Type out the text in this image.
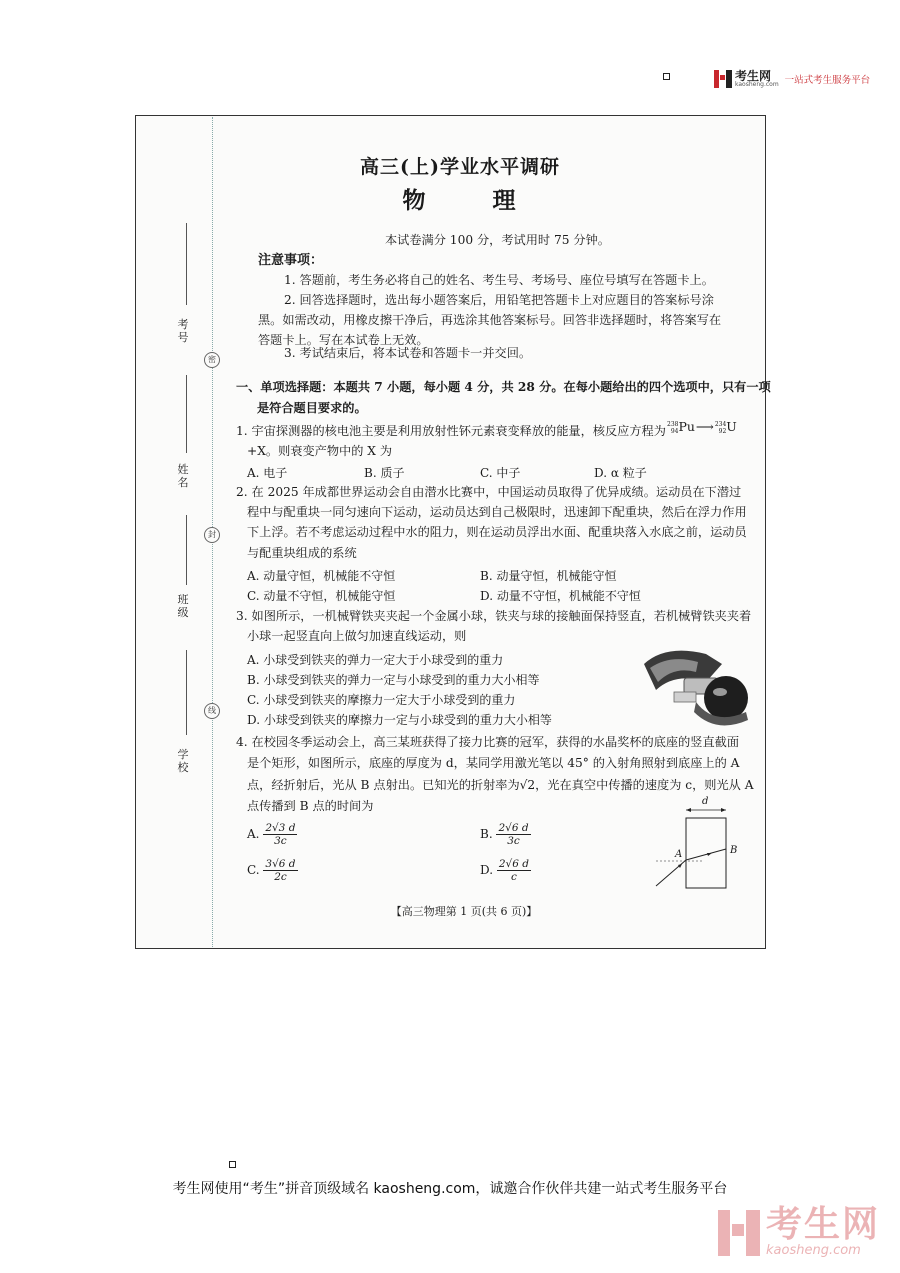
考生网
kaosheng.com 一站式考生服务平台
密
封
线
考号
姓名
班级
学校
高三(上)学业水平调研
物　理
本试卷满分 100 分，考试用时 75 分钟。
注意事项：
1. 答题前，考生务必将自己的姓名、考生号、考场号、座位号填写在答题卡上。
2. 回答选择题时，选出每小题答案后，用铅笔把答题卡上对应题目的答案标号涂
黑。如需改动，用橡皮擦干净后，再选涂其他答案标号。回答非选择题时，将答案写在
答题卡上。写在本试卷上无效。
3. 考试结束后，将本试卷和答题卡一并交回。
一、单项选择题：本题共 7 小题，每小题 4 分，共 28 分。在每小题给出的四个选项中，只有一项
是符合题目要求的。
1. 宇宙探测器的核电池主要是利用放射性钚元素衰变释放的能量，核反应方程为 238
94 Pu⟶ 234
92 U
+X。则衰变产物中的 X 为
A. 电子	B. 质子	C. 中子	D. α 粒子
2. 在 2025 年成都世界运动会自由潜水比赛中，中国运动员取得了优异成绩。运动员在下潜过
程中与配重块一同匀速向下运动，运动员达到自己极限时，迅速卸下配重块，然后在浮力作用
下上浮。若不考虑运动过程中水的阻力，则在运动员浮出水面、配重块落入水底之前，运动员
与配重块组成的系统
A. 动量守恒，机械能不守恒	B. 动量守恒，机械能守恒
C. 动量不守恒，机械能守恒	D. 动量不守恒，机械能不守恒
3. 如图所示，一机械臂铁夹夹起一个金属小球，铁夹与球的接触面保持竖直，若机械臂铁夹夹着
小球一起竖直向上做匀加速直线运动，则
A. 小球受到铁夹的弹力一定大于小球受到的重力
B. 小球受到铁夹的弹力一定与小球受到的重力大小相等
C. 小球受到铁夹的摩擦力一定大于小球受到的重力
D. 小球受到铁夹的摩擦力一定与小球受到的重力大小相等
4. 在校园冬季运动会上，高三某班获得了接力比赛的冠军，获得的水晶奖杯的底座的竖直截面
是个矩形，如图所示，底座的厚度为 d，某同学用激光笔以 45° 的入射角照射到底座上的 A
点，经折射后，光从 B 点射出。已知光的折射率为√2，光在真空中传播的速度为 c，则光从 A
点传播到 B 点的时间为
A. $\frac{2√3 d}{3c}$	B. $\frac{2√6 d}{3c}$
C. $\frac{3√6 d}{2c}$	D. $\frac{2√6 d}{c}$
d
A	B
【高三物理第 1 页(共 6 页)】
考生网使用“考生”拼音顶级域名 kaosheng.com，诚邀合作伙伴共建一站式考生服务平台
考生网
kaosheng.com
